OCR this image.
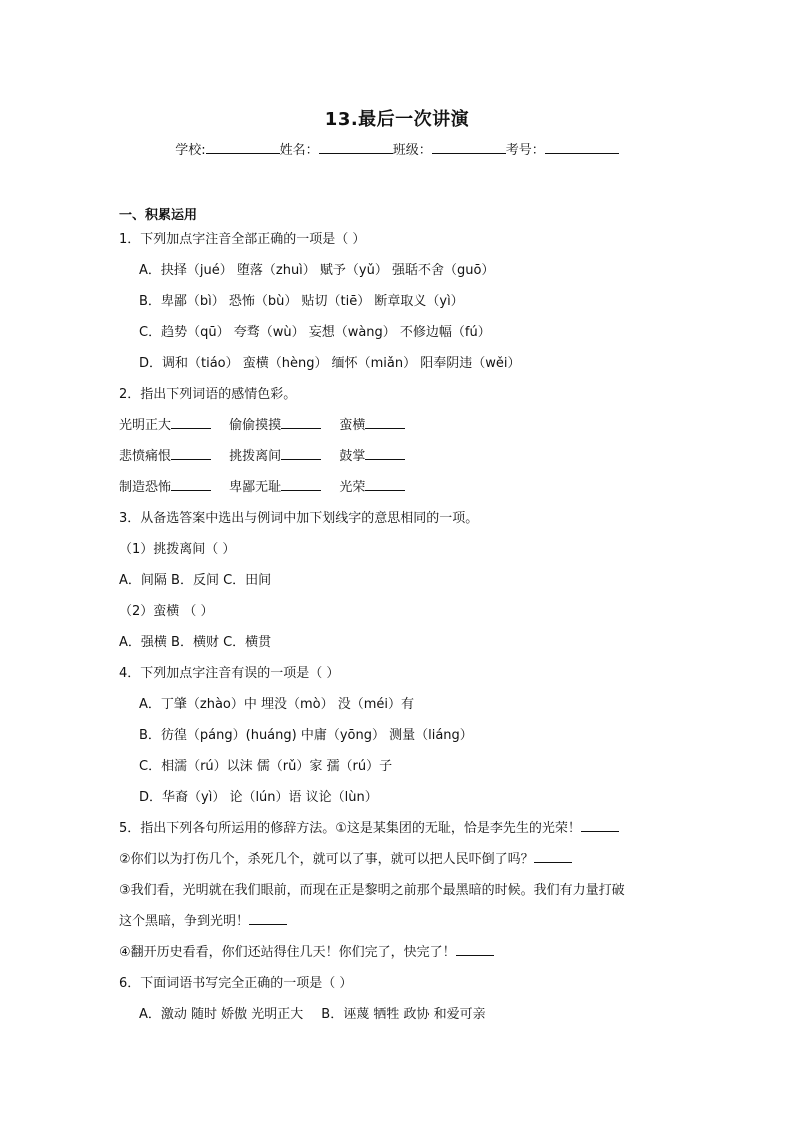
13.最后一次讲演
学校:	姓名：	班级：	考号：
一、积累运用
1．下列加点字注音全部正确的一项是（ ）
A．抉择（jué） 堕落（zhuì） 赋予（yǔ） 强聒不舍（guō）
B．卑鄙（bì） 恐怖（bù） 贴切（tiē） 断章取义（yì）
C．趋势（qū） 夸骛（wù） 妄想（wàng） 不修边幅（fú）
D．调和（tiáo） 蛮横（hèng） 缅怀（miǎn） 阳奉阴违（wěi）
2．指出下列词语的感情色彩。
光明正大	偷偷摸摸	蛮横
悲愤痛恨	挑拨离间	鼓掌
制造恐怖	卑鄙无耻	光荣
3．从备选答案中选出与例词中加下划线字的意思相同的一项。
（1）挑拨离间（ ）
A．间隔 B．反间 C．田间
（2）蛮横 （ ）
A．强横 B．横财 C．横贯
4．下列加点字注音有误的一项是（ ）
A．丁肇（zhào）中 埋没（mò） 没（méi）有
B．彷徨（páng）(huáng) 中庸（yōng） 测量（liáng）
C．相濡（rú）以沫 儒（rǔ）家 孺（rú）子
D．华裔（yì） 论（lún）语 议论（lùn）
5．指出下列各句所运用的修辞方法。①这是某集团的无耻，恰是李先生的光荣！
②你们以为打伤几个，杀死几个，就可以了事，就可以把人民吓倒了吗？
③我们看，光明就在我们眼前，而现在正是黎明之前那个最黑暗的时候。我们有力量打破
这个黑暗，争到光明！
④翻开历史看看，你们还站得住几天！你们完了，快完了！
6．下面词语书写完全正确的一项是（ ）
A．激动 随时 娇傲 光明正大 B．诬蔑 牺牲 政协 和爱可亲
